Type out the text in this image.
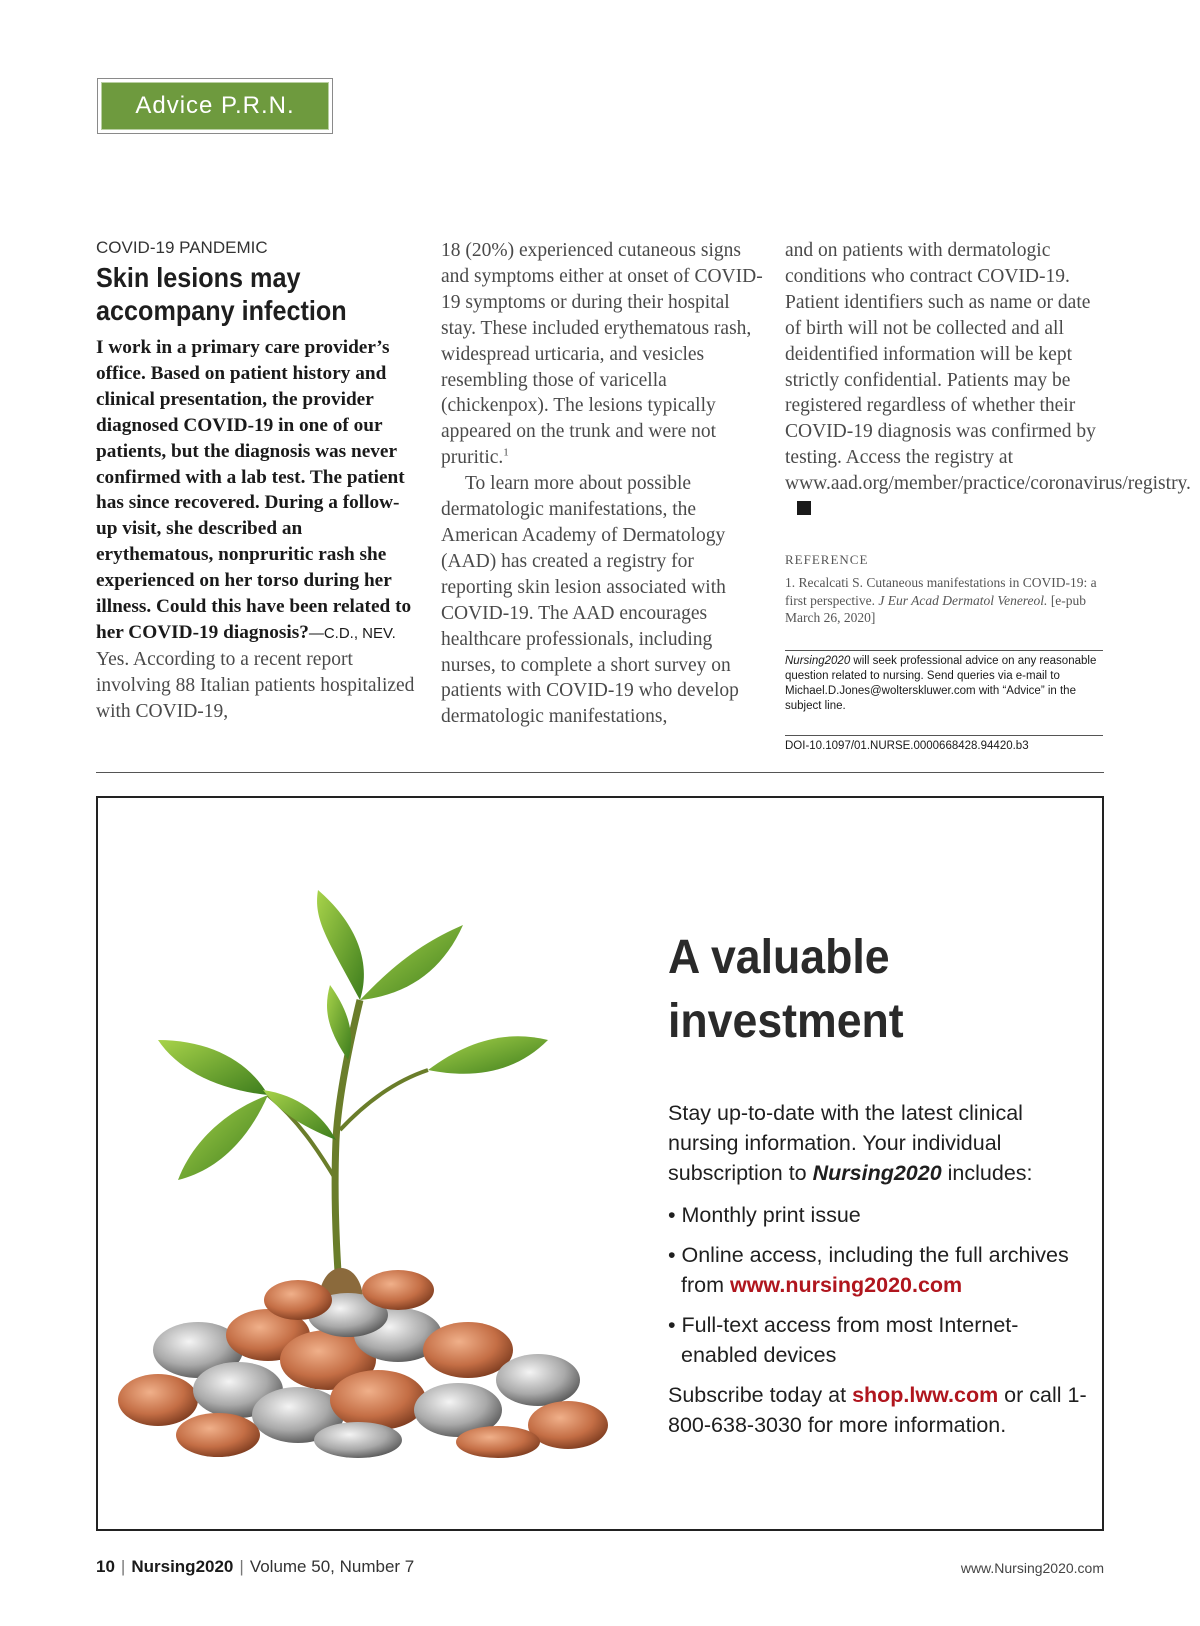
Advice P.R.N.
COVID-19 PANDEMIC
Skin lesions may accompany infection

I work in a primary care provider’s office. Based on patient history and clinical presentation, the provider diagnosed COVID-19 in one of our patients, but the diagnosis was never confirmed with a lab test. The patient has since recovered. During a follow-up visit, she described an erythematous, nonpruritic rash she experienced on her torso during her illness. Could this have been related to her COVID-19 diagnosis?—C.D., NEV.

Yes. According to a recent report involving 88 Italian patients hospitalized with COVID-19,

18 (20%) experienced cutaneous signs and symptoms either at onset of COVID-19 symptoms or during their hospital stay. These included erythematous rash, widespread urticaria, and vesicles resembling those of varicella (chickenpox). The lesions typically appeared on the trunk and were not pruritic.$^1$

To learn more about possible dermatologic manifestations, the American Academy of Dermatology (AAD) has created a registry for reporting skin lesion associated with COVID-19. The AAD encourages healthcare professionals, including nurses, to complete a short survey on patients with COVID-19 who develop dermatologic manifestations,

and on patients with dermatologic conditions who contract COVID-19. Patient identifiers such as name or date of birth will not be collected and all deidentified information will be kept strictly confidential. Patients may be registered regardless of whether their COVID-19 diagnosis was confirmed by testing. Access the registry at www.aad.org/member/practice/coronavirus/registry.

REFERENCE
1. Recalcati S. Cutaneous manifestations in COVID-19: a first perspective. J Eur Acad Dermatol Venereol. [e-pub March 26, 2020]
Nursing2020 will seek professional advice on any reasonable question related to nursing. Send queries via e-mail to Michael.D.Jones@wolterskluwer.com with “Advice” in the subject line.
DOI-10.1097/01.NURSE.0000668428.94420.b3
A valuable
investment
Stay up-to-date with the latest clinical nursing information. Your individual subscription to Nursing2020 includes:
• Monthly print issue
• Online access, including the full archives from www.nursing2020.com
• Full-text access from most Internet-enabled devices
Subscribe today at shop.lww.com or call 1-800-638-3030 for more information.
10 | Nursing2020 | Volume 50, Number 7	www.Nursing2020.com
